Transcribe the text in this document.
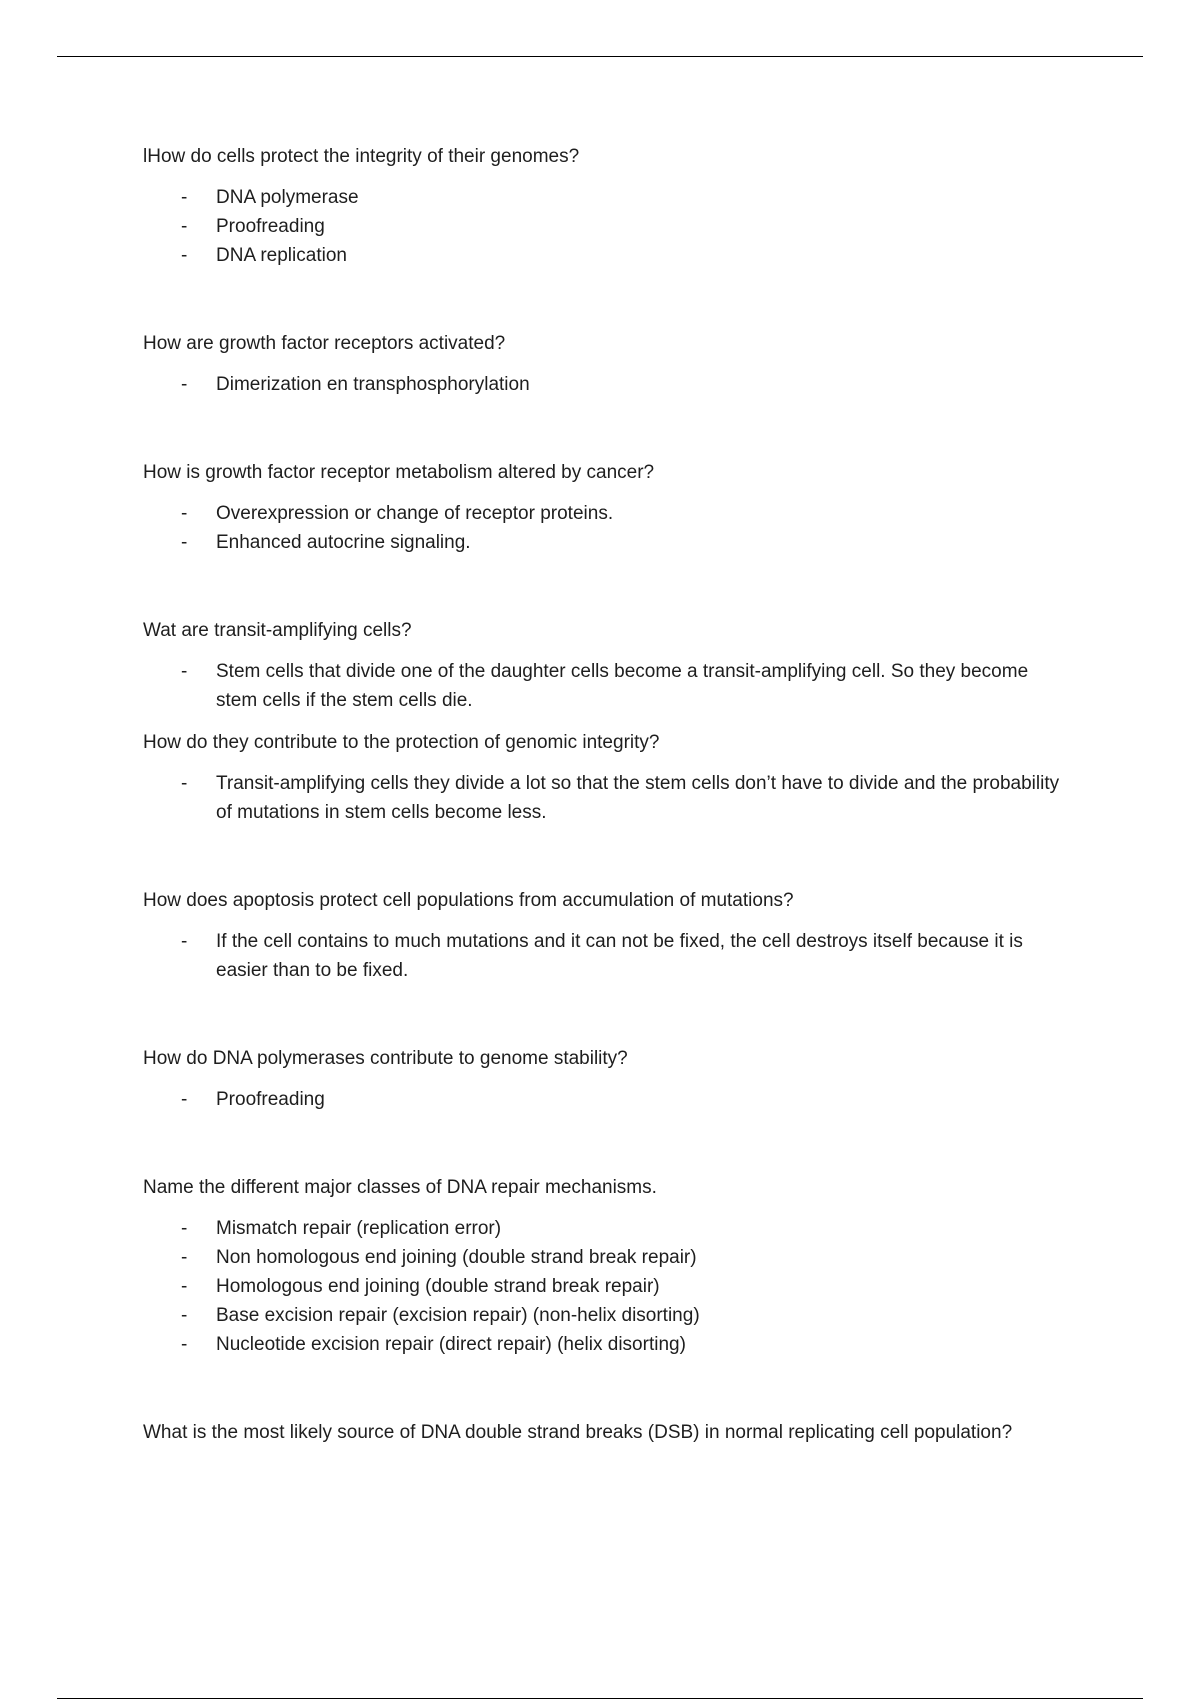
lHow do cells protect the integrity of their genomes?

- DNA polymerase
- Proofreading
- DNA replication

How are growth factor receptors activated?

- Dimerization en transphosphorylation

How is growth factor receptor metabolism altered by cancer?

- Overexpression or change of receptor proteins.
- Enhanced autocrine signaling.

Wat are transit-amplifying cells?

- Stem cells that divide one of the daughter cells become a transit-amplifying cell. So they become stem cells if the stem cells die.

How do they contribute to the protection of genomic integrity?

- Transit-amplifying cells they divide a lot so that the stem cells don’t have to divide and the probability of mutations in stem cells become less.

How does apoptosis protect cell populations from accumulation of mutations?

- If the cell contains to much mutations and it can not be fixed, the cell destroys itself because it is easier than to be fixed.

How do DNA polymerases contribute to genome stability?

- Proofreading

Name the different major classes of DNA repair mechanisms.

- Mismatch repair (replication error)
- Non homologous end joining (double strand break repair)
- Homologous end joining (double strand break repair)
- Base excision repair (excision repair) (non-helix disorting)
- Nucleotide excision repair (direct repair) (helix disorting)

What is the most likely source of DNA double strand breaks (DSB) in normal replicating cell population?
